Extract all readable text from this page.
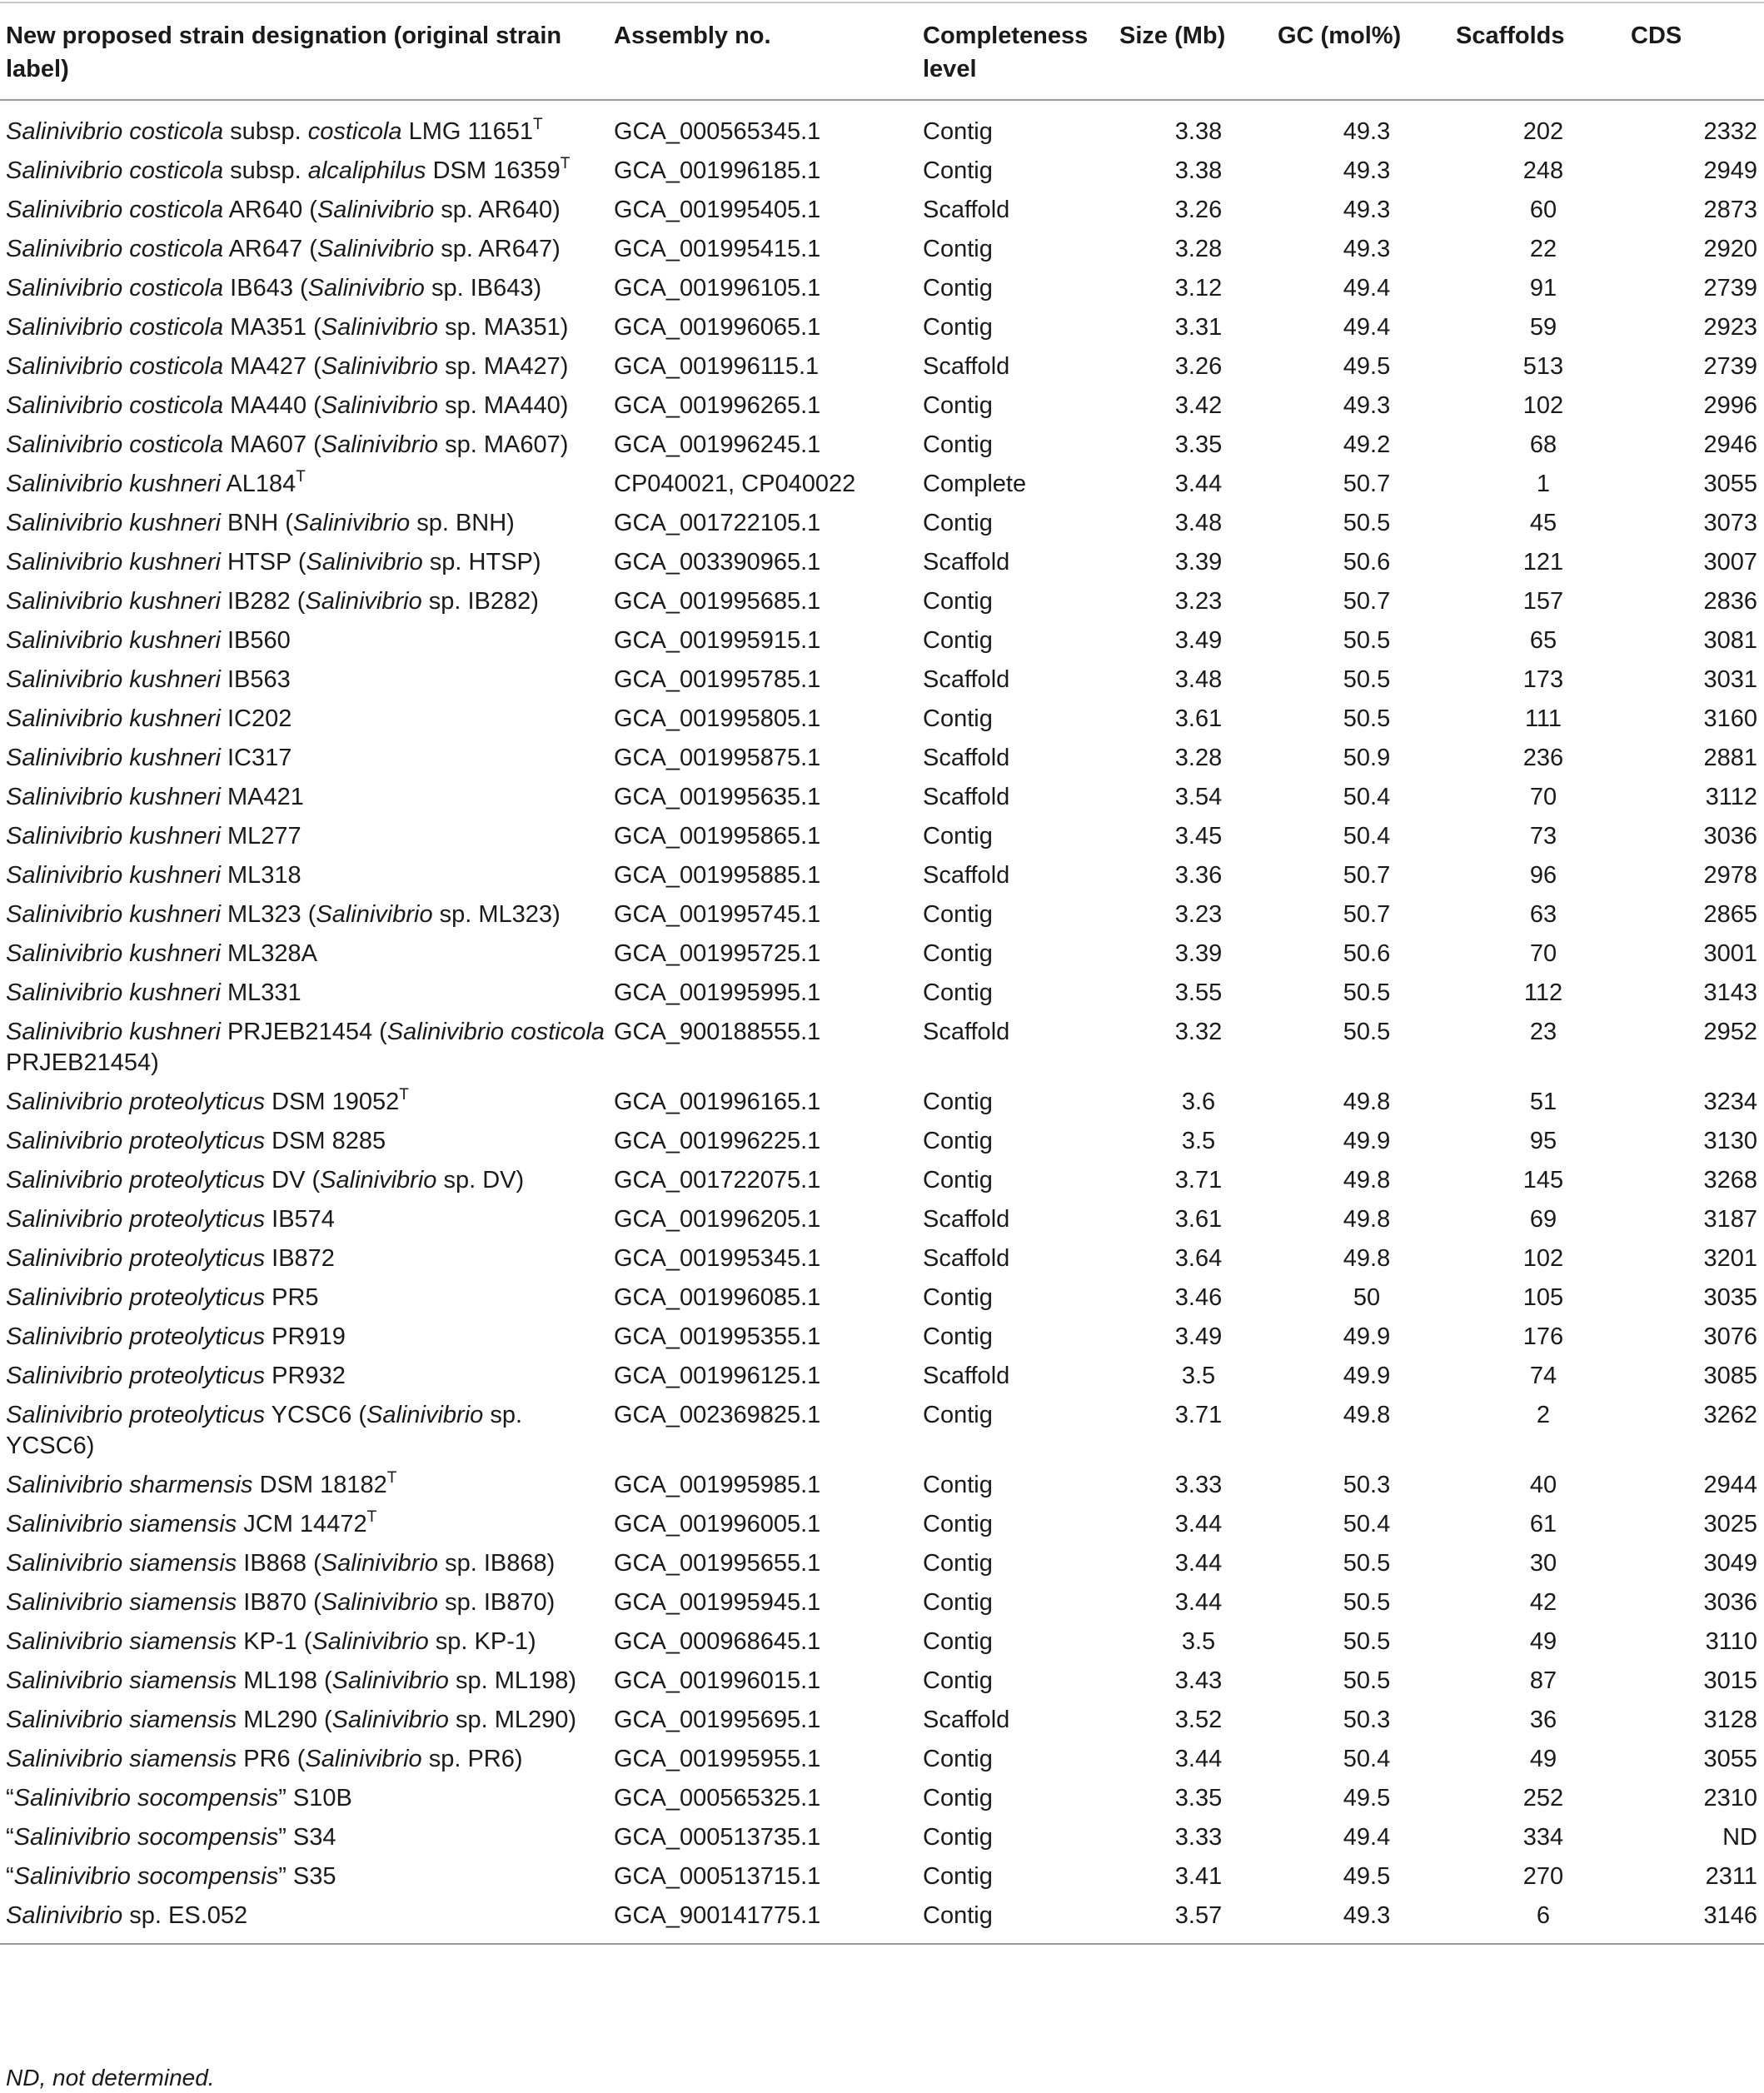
New proposed strain designation (original strain label)	Assembly no.	Completeness level	Size (Mb)	GC (mol%)	Scaffolds	CDS
Salinivibrio costicola subsp. costicola LMG $11651^T$	GCA_000565345.1	Contig	3.38	49.3	202	2332
Salinivibrio costicola subsp. alcaliphilus DSM $16359^T$	GCA_001996185.1	Contig	3.38	49.3	248	2949
Salinivibrio costicola AR640 (Salinivibrio sp. AR640)	GCA_001995405.1	Scaffold	3.26	49.3	60	2873
Salinivibrio costicola AR647 (Salinivibrio sp. AR647)	GCA_001995415.1	Contig	3.28	49.3	22	2920
Salinivibrio costicola IB643 (Salinivibrio sp. IB643)	GCA_001996105.1	Contig	3.12	49.4	91	2739
Salinivibrio costicola MA351 (Salinivibrio sp. MA351)	GCA_001996065.1	Contig	3.31	49.4	59	2923
Salinivibrio costicola MA427 (Salinivibrio sp. MA427)	GCA_001996115.1	Scaffold	3.26	49.5	513	2739
Salinivibrio costicola MA440 (Salinivibrio sp. MA440)	GCA_001996265.1	Contig	3.42	49.3	102	2996
Salinivibrio costicola MA607 (Salinivibrio sp. MA607)	GCA_001996245.1	Contig	3.35	49.2	68	2946
Salinivibrio kushneri $AL184^T$	CP040021, CP040022	Complete	3.44	50.7	1	3055
Salinivibrio kushneri BNH (Salinivibrio sp. BNH)	GCA_001722105.1	Contig	3.48	50.5	45	3073
Salinivibrio kushneri HTSP (Salinivibrio sp. HTSP)	GCA_003390965.1	Scaffold	3.39	50.6	121	3007
Salinivibrio kushneri IB282 (Salinivibrio sp. IB282)	GCA_001995685.1	Contig	3.23	50.7	157	2836
Salinivibrio kushneri IB560	GCA_001995915.1	Contig	3.49	50.5	65	3081
Salinivibrio kushneri IB563	GCA_001995785.1	Scaffold	3.48	50.5	173	3031
Salinivibrio kushneri IC202	GCA_001995805.1	Contig	3.61	50.5	111	3160
Salinivibrio kushneri IC317	GCA_001995875.1	Scaffold	3.28	50.9	236	2881
Salinivibrio kushneri MA421	GCA_001995635.1	Scaffold	3.54	50.4	70	3112
Salinivibrio kushneri ML277	GCA_001995865.1	Contig	3.45	50.4	73	3036
Salinivibrio kushneri ML318	GCA_001995885.1	Scaffold	3.36	50.7	96	2978
Salinivibrio kushneri ML323 (Salinivibrio sp. ML323)	GCA_001995745.1	Contig	3.23	50.7	63	2865
Salinivibrio kushneri ML328A	GCA_001995725.1	Contig	3.39	50.6	70	3001
Salinivibrio kushneri ML331	GCA_001995995.1	Contig	3.55	50.5	112	3143
Salinivibrio kushneri PRJEB21454 (Salinivibrio costicola PRJEB21454)	GCA_900188555.1	Scaffold	3.32	50.5	23	2952
Salinivibrio proteolyticus DSM $19052^T$	GCA_001996165.1	Contig	3.6	49.8	51	3234
Salinivibrio proteolyticus DSM 8285	GCA_001996225.1	Contig	3.5	49.9	95	3130
Salinivibrio proteolyticus DV (Salinivibrio sp. DV)	GCA_001722075.1	Contig	3.71	49.8	145	3268
Salinivibrio proteolyticus IB574	GCA_001996205.1	Scaffold	3.61	49.8	69	3187
Salinivibrio proteolyticus IB872	GCA_001995345.1	Scaffold	3.64	49.8	102	3201
Salinivibrio proteolyticus PR5	GCA_001996085.1	Contig	3.46	50	105	3035
Salinivibrio proteolyticus PR919	GCA_001995355.1	Contig	3.49	49.9	176	3076
Salinivibrio proteolyticus PR932	GCA_001996125.1	Scaffold	3.5	49.9	74	3085
Salinivibrio proteolyticus YCSC6 (Salinivibrio sp. YCSC6)	GCA_002369825.1	Contig	3.71	49.8	2	3262
Salinivibrio sharmensis DSM $18182^T$	GCA_001995985.1	Contig	3.33	50.3	40	2944
Salinivibrio siamensis JCM $14472^T$	GCA_001996005.1	Contig	3.44	50.4	61	3025
Salinivibrio siamensis IB868 (Salinivibrio sp. IB868)	GCA_001995655.1	Contig	3.44	50.5	30	3049
Salinivibrio siamensis IB870 (Salinivibrio sp. IB870)	GCA_001995945.1	Contig	3.44	50.5	42	3036
Salinivibrio siamensis KP-1 (Salinivibrio sp. KP-1)	GCA_000968645.1	Contig	3.5	50.5	49	3110
Salinivibrio siamensis ML198 (Salinivibrio sp. ML198)	GCA_001996015.1	Contig	3.43	50.5	87	3015
Salinivibrio siamensis ML290 (Salinivibrio sp. ML290)	GCA_001995695.1	Scaffold	3.52	50.3	36	3128
Salinivibrio siamensis PR6 (Salinivibrio sp. PR6)	GCA_001995955.1	Contig	3.44	50.4	49	3055
“Salinivibrio socompensis” S10B	GCA_000565325.1	Contig	3.35	49.5	252	2310
“Salinivibrio socompensis” S34	GCA_000513735.1	Contig	3.33	49.4	334	ND
“Salinivibrio socompensis” S35	GCA_000513715.1	Contig	3.41	49.5	270	2311
Salinivibrio sp. ES.052	GCA_900141775.1	Contig	3.57	49.3	6	3146
ND, not determined.
